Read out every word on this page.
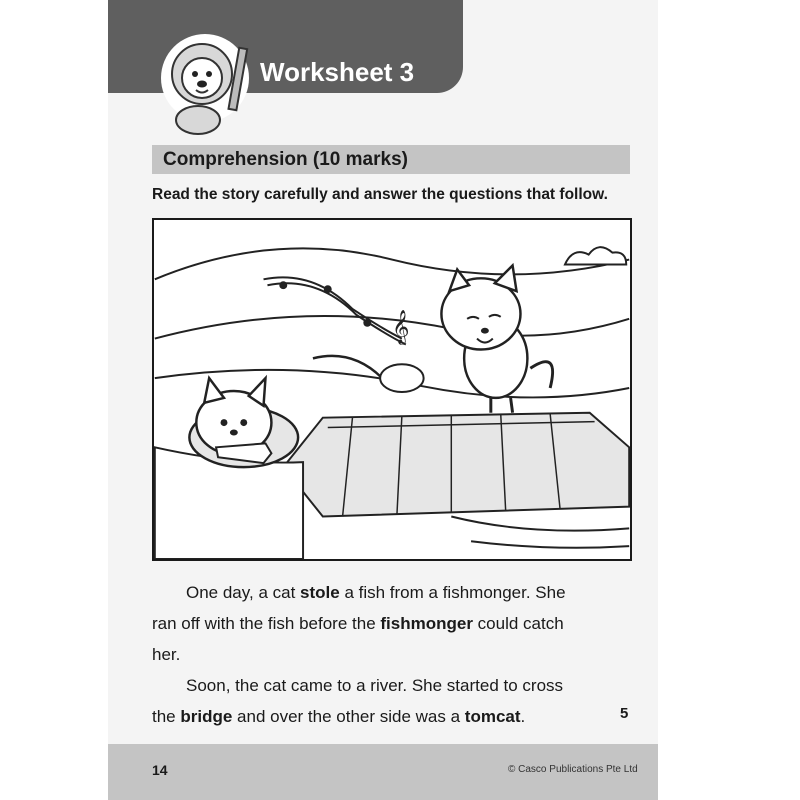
Worksheet 3
Comprehension (10 marks)
Read the story carefully and answer the questions that follow.
𝄞
One day, a cat stole a fish from a fishmonger. She
ran off with the fish before the fishmonger could catch
her.
Soon, the cat came to a river. She started to cross
the bridge and over the other side was a tomcat.	5
14	© Casco Publications Pte Ltd
